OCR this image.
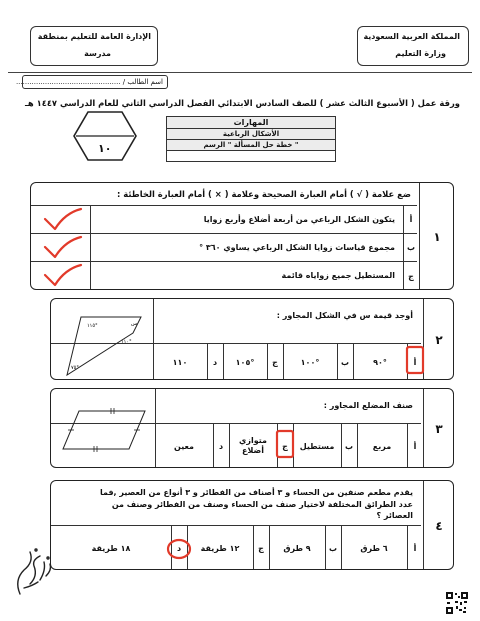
المملكة العربية السعودية
وزارة التعليم
الإدارة العامة للتعليم بمنطقة
مدرسة
اسم الطالب / ...............................................
ورقة عمل ( الأسبوع الثالث عشر ) للصف السادس الابتدائي الفصل الدراسي الثاني للعام الدراسي ١٤٤٧ هـ
١٠
المهارات
الأشكال الرباعية
خطة حل المسألة " الرسم "
ضع علامة ( √ ) أمام العبارة الصحيحة وعلامة ( × ) أمام العبارة الخاطئة :
أ
يتكون الشكل الرباعي من أربعة أضلاع وأربع زوايا
ب
مجموع قياسات زوايا الشكل الرباعي يساوي ٣٦٠ °
ج
المستطيل جميع زواياه قائمة
١
أوجد قيمة س في الشكل المجاور :
١١٥°	س
٧٥°
١١٠°
أ
٩٠°
ب
١٠٠°
ج
١٠٥°
د
١١٠
٢
صنف المضلع المجاور :
أ
مربع
ب
مستطيل
ج
متوازي أضلاع
د
معين
٣
يقدم مطعم صنفين من الحساء و ٣ أصناف من الفطائر و ٣ أنواع من العصير ,فما عدد الطرائق المختلفة لاختيار صنف من الحساء وصنف من الفطائر وصنف من العصائر ؟
أ
٦ طرق
ب
٩ طرق
ج
١٢ طريقة
د
١٨ طريقة
٤
